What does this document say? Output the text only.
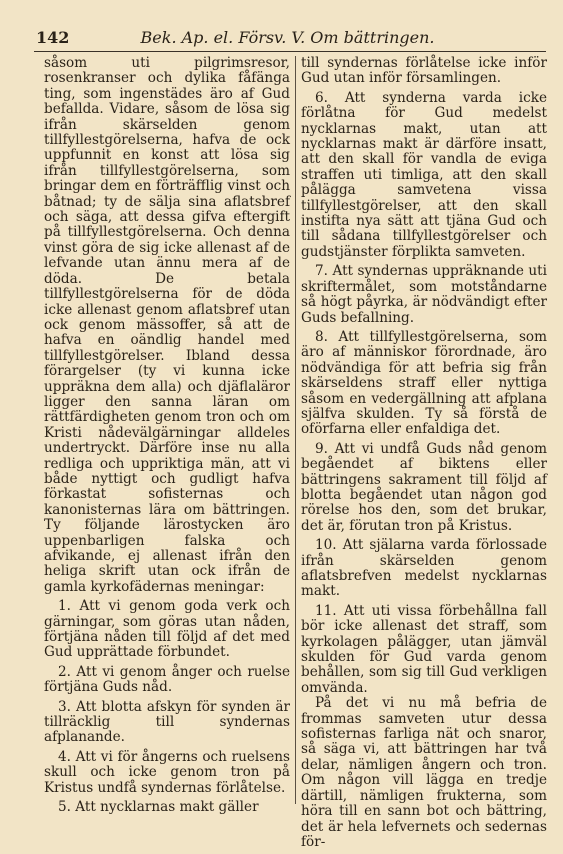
142	Bek. Ap. el. Försv. V. Om bättringen.

såsom uti pilgrimsresor, rosenkranser och dylika fåfänga ting, som ingenstädes äro af Gud befallda. Vidare, såsom de lösa sig ifrån skärselden genom tillfyllestgörelserna, hafva de ock uppfunnit en konst att lösa sig ifrån tillfyllestgörelserna, som bringar dem en förträfflig vinst och båtnad; ty de sälja sina aflatsbref och säga, att dessa gifva eftergift på tillfyllestgörelserna. Och denna vinst göra de sig icke allenast af de lefvande utan ännu mera af de döda. De betala tillfyllestgörelserna för de döda icke allenast genom aflatsbref utan ock genom mässoffer, så att de hafva en oändlig handel med tillfyllestgörelser. Ibland dessa förargelser (ty vi kunna icke uppräkna dem alla) och djäflaläror ligger den sanna läran om rättfärdigheten genom tron och om Kristi nådevälgärningar alldeles undertryckt. Därföre inse nu alla redliga och uppriktiga män, att vi både nyttigt och gudligt hafva förkastat sofisternas och kanonisternas lära om bättringen. Ty följande lärostycken äro uppenbarligen falska och afvikande, ej allenast ifrån den heliga skrift utan ock ifrån de gamla kyrkofädernas meningar:

1. Att vi genom goda verk och gärningar, som göras utan nåden, förtjäna nåden till följd af det med Gud upprättade förbundet.

2. Att vi genom ånger och ruelse förtjäna Guds nåd.

3. Att blotta afskyn för synden är tillräcklig till syndernas afplanande.

4. Att vi för ångerns och ruelsens skull och icke genom tron på Kristus undfå syndernas förlåtelse.

5. Att nycklarnas makt gäller

till syndernas förlåtelse icke inför Gud utan inför församlingen.

6. Att synderna varda icke förlåtna för Gud medelst nycklarnas makt, utan att nycklarnas makt är därföre insatt, att den skall för vandla de eviga straffen uti timliga, att den skall pålägga samvetena vissa tillfyllestgörelser, att den skall instifta nya sätt att tjäna Gud och till sådana tillfyllestgörelser och gudstjänster förplikta samveten.

7. Att syndernas uppräknande uti skriftermålet, som motståndarne så högt påyrka, är nödvändigt efter Guds befallning.

8. Att tillfyllestgörelserna, som äro af människor förordnade, äro nödvändiga för att befria sig från skärseldens straff eller nyttiga såsom en vedergällning att afplana själfva skulden. Ty så förstå de oförfarna eller enfaldiga det.

9. Att vi undfå Guds nåd genom begåendet af biktens eller bättringens sakrament till följd af blotta begåendet utan någon god rörelse hos den, som det brukar, det är, förutan tron på Kristus.

10. Att själarna varda förlossade ifrån skärselden genom aflatsbrefven medelst nycklarnas makt.

11. Att uti vissa förbehållna fall bör icke allenast det straff, som kyrkolagen pålägger, utan jämväl skulden för Gud varda genom behållen, som sig till Gud verkligen omvända.

På det vi nu må befria de frommas samveten utur dessa sofisternas farliga nät och snaror, så säga vi, att bättringen har två delar, nämligen ångern och tron. Om någon vill lägga en tredje därtill, nämligen frukterna, som höra till en sann bot och bättring, det är hela lefvernets och sedernas för-
